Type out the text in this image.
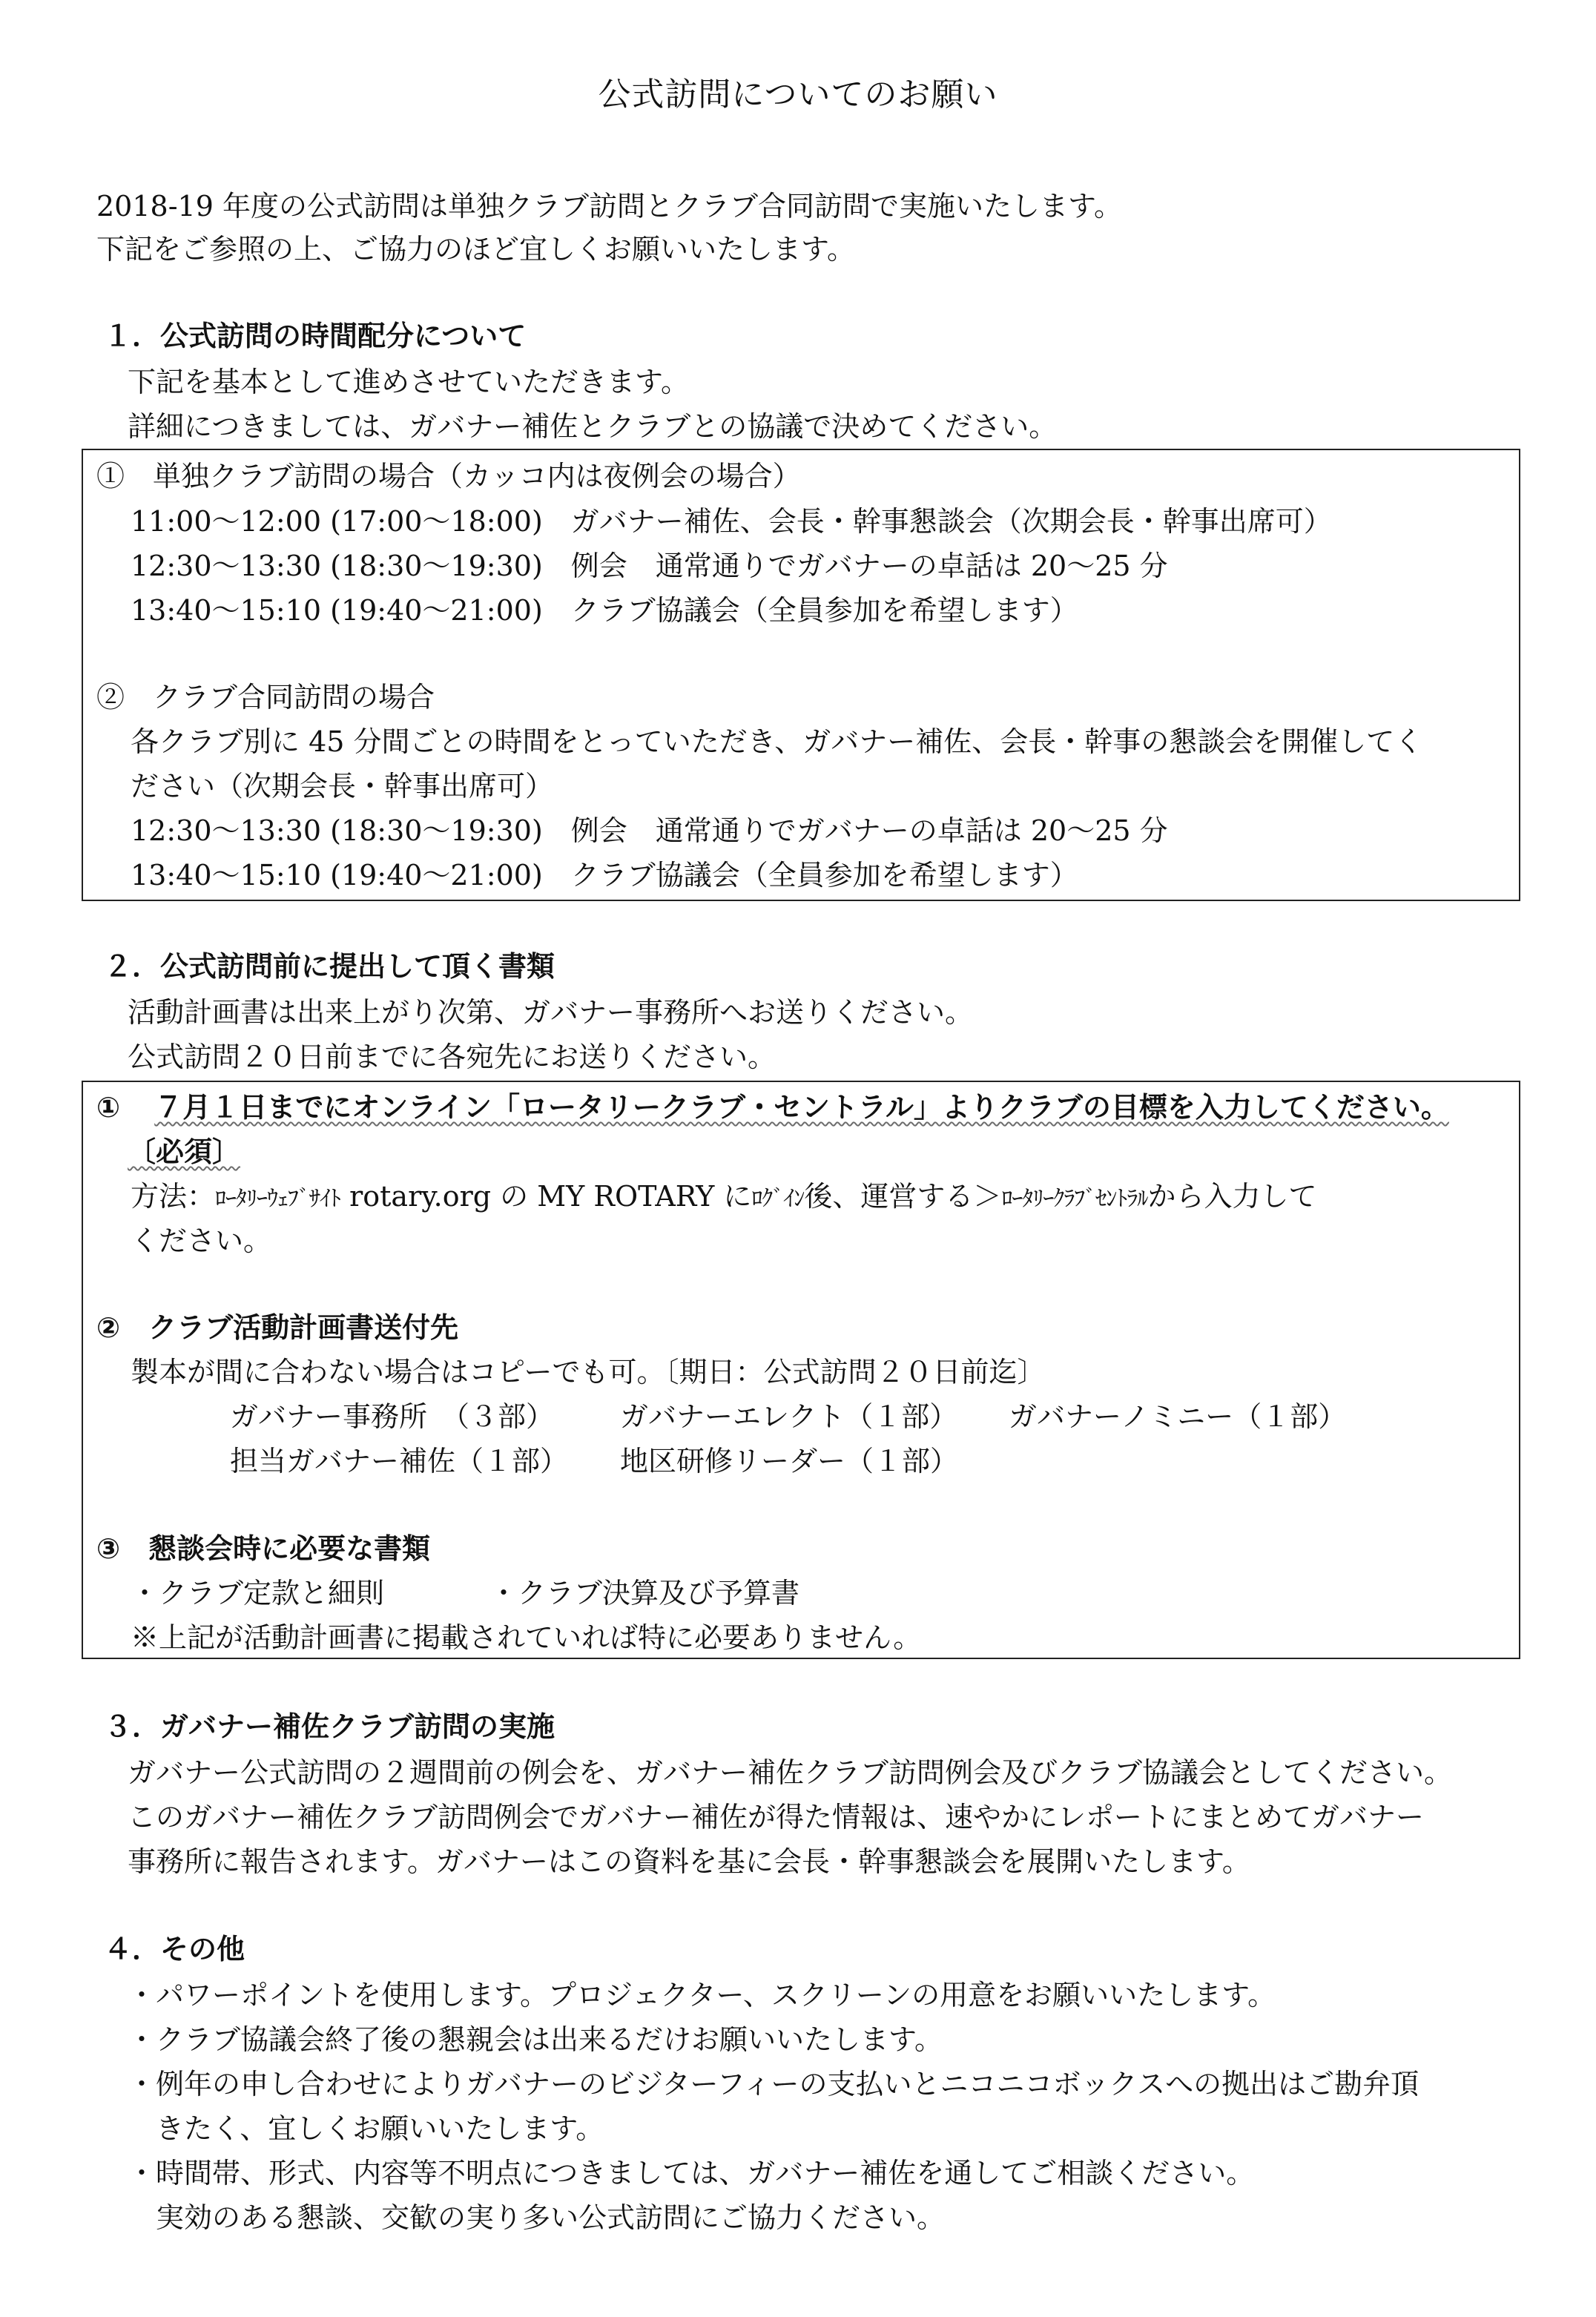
公式訪問についてのお願い
2018-19 年度の公式訪問は単独クラブ訪問とクラブ合同訪問で実施いたします。
下記をご参照の上、ご協力のほど宜しくお願いいたします。
１．公式訪問の時間配分について
下記を基本として進めさせていただきます。
詳細につきましては、ガバナー補佐とクラブとの協議で決めてください。
①　単独クラブ訪問の場合（カッコ内は夜例会の場合）
11:00～12:00 (17:00～18:00)　ガバナー補佐、会長・幹事懇談会（次期会長・幹事出席可）
12:30～13:30 (18:30～19:30)　例会　通常通りでガバナーの卓話は 20～25 分
13:40～15:10 (19:40～21:00)　クラブ協議会（全員参加を希望します）
②　クラブ合同訪問の場合
各クラブ別に 45 分間ごとの時間をとっていただき、ガバナー補佐、会長・幹事の懇談会を開催してく
ださい（次期会長・幹事出席可）
12:30～13:30 (18:30～19:30)　例会　通常通りでガバナーの卓話は 20～25 分
13:40～15:10 (19:40～21:00)　クラブ協議会（全員参加を希望します）
２．公式訪問前に提出して頂く書類
活動計画書は出来上がり次第、ガバナー事務所へお送りください。
公式訪問２０日前までに各宛先にお送りください。
① ７月１日までにオンライン「ロータリークラブ・セントラル」よりクラブの目標を入力してください。
〔必須〕
方法：ﾛｰﾀﾘｰｳｪﾌﾞｻｲﾄ rotary.org の MY ROTARY にﾛｸﾞｲﾝ後、運営する＞ﾛｰﾀﾘｰｸﾗﾌﾞｾﾝﾄﾗﾙから入力して
ください。
②　クラブ活動計画書送付先
製本が間に合わない場合はコピーでも可。〔期日：公式訪問２０日前迄〕
ガバナー事務所　（３部） ガバナーエレクト（１部） ガバナーノミニー（１部）
担当ガバナー補佐（１部） 地区研修リーダー（１部）
③　懇談会時に必要な書類
・クラブ定款と細則	・クラブ決算及び予算書
※上記が活動計画書に掲載されていれば特に必要ありません。
３．ガバナー補佐クラブ訪問の実施
ガバナー公式訪問の２週間前の例会を、ガバナー補佐クラブ訪問例会及びクラブ協議会としてください。
このガバナー補佐クラブ訪問例会でガバナー補佐が得た情報は、速やかにレポートにまとめてガバナー
事務所に報告されます。ガバナーはこの資料を基に会長・幹事懇談会を展開いたします。
４．その他
・パワーポイントを使用します。プロジェクター、スクリーンの用意をお願いいたします。
・クラブ協議会終了後の懇親会は出来るだけお願いいたします。
・例年の申し合わせによりガバナーのビジターフィーの支払いとニコニコボックスへの拠出はご勘弁頂
　きたく、宜しくお願いいたします。
・時間帯、形式、内容等不明点につきましては、ガバナー補佐を通してご相談ください。
　実効のある懇談、交歓の実り多い公式訪問にご協力ください。
